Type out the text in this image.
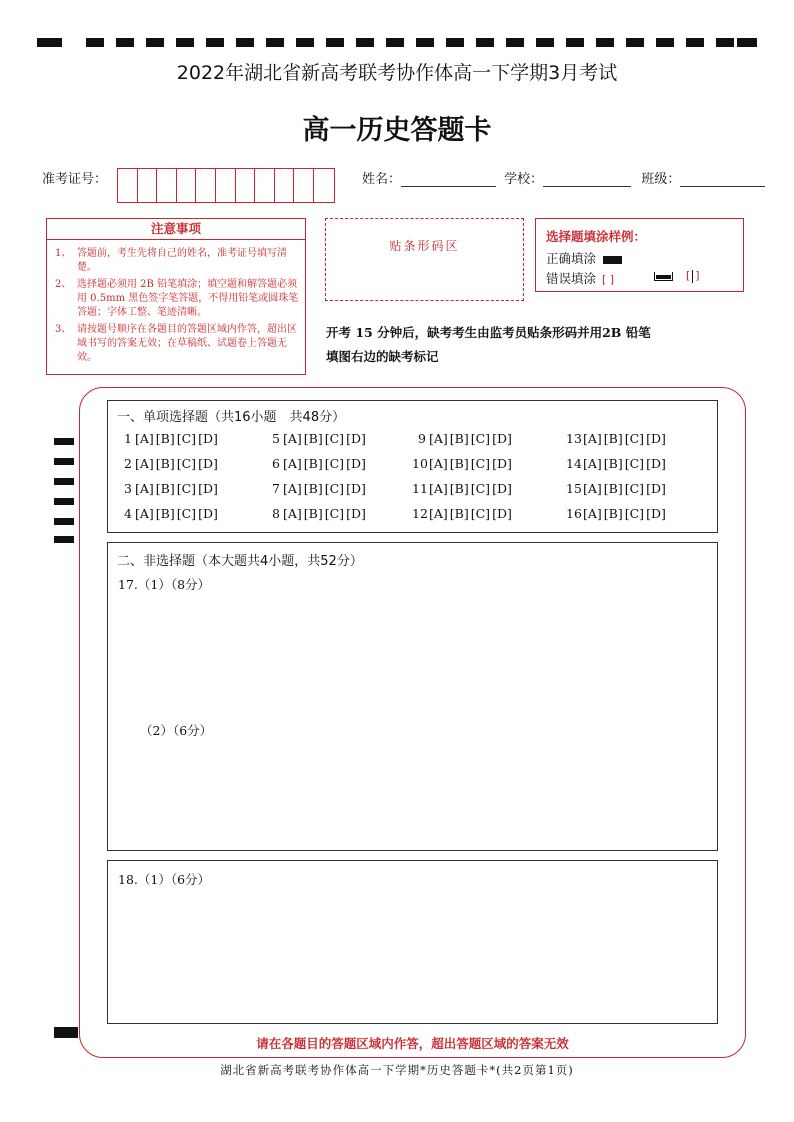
2022年湖北省新高考联考协作体高一下学期3月考试
高一历史答题卡
准考证号：	姓名：	学校：	班级：
注意事项
1、 答题前，考生先将自己的姓名，准考证号填写清楚。
2、 选择题必须用 2B 铅笔填涂；填空题和解答题必须用 0.5mm 黑色签字笔答题，不得用铅笔或圆珠笔答题；字体工整、笔迹清晰。
3、 请按题号顺序在各题目的答题区域内作答，超出区域书写的答案无效；在草稿纸、试题卷上答题无效。
贴条形码区
选择题填涂样例：
正确填涂
错误填涂 [ ]	[ ]
开考 15 分钟后，缺考考生由监考员贴条形码并用2B 铅笔
填图右边的缺考标记
一、单项选择题（共16小题　共48分）
1 [A] [B] [C] [D]
2 [A] [B] [C] [D]
3 [A] [B] [C] [D]
4 [A] [B] [C] [D]
5 [A] [B] [C] [D]
6 [A] [B] [C] [D]
7 [A] [B] [C] [D]
8 [A] [B] [C] [D]
9 [A] [B] [C] [D]
10[A] [B] [C] [D]
11[A] [B] [C] [D]
12[A] [B] [C] [D]
13[A] [B] [C] [D]
14[A] [B] [C] [D]
15[A] [B] [C] [D]
16[A] [B] [C] [D]
二、非选择题（本大题共4小题，共52分）
17.（1）（8分）
（2）（6分）
18.（1）（6分）
请在各题目的答题区域内作答，超出答题区域的答案无效
湖北省新高考联考协作体高一下学期*历史答题卡*(共2页第1页)
